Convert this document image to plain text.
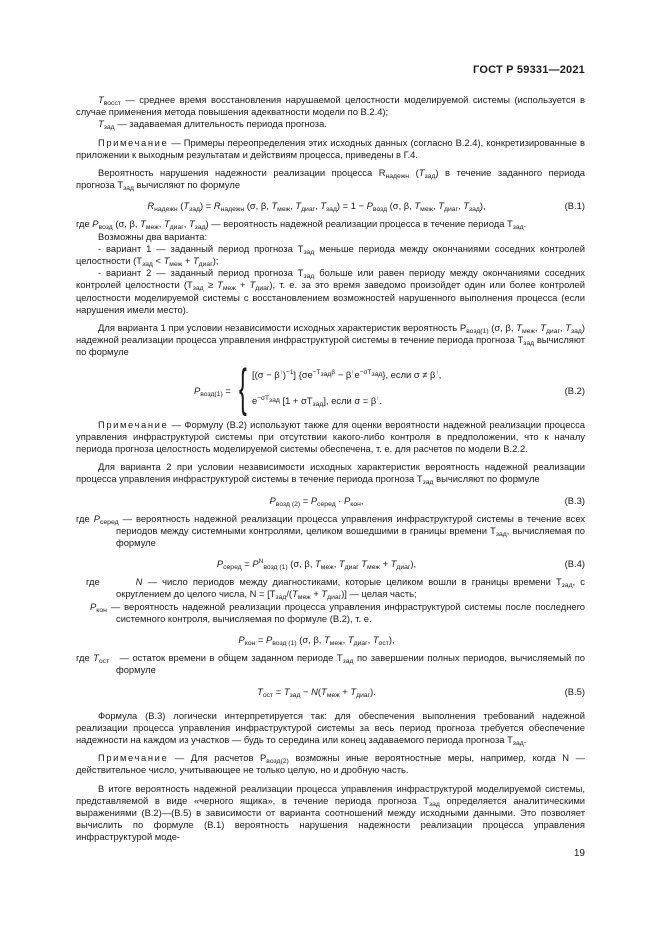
ГОСТ Р 59331—2021

$T_{восст}$ — среднее время восстановления нарушаемой целостности моделируемой системы (используется в случае применения метода повышения адекватности модели по В.2.4);

$T_{зад}$ — задаваемая длительность периода прогноза.

Примечание — Примеры переопределения этих исходных данных (согласно В.2.4), конкретизированные в приложении к выходным результатам и действиям процесса, приведены в Г.4.

Вероятность нарушения надежности реализации процесса $R_{надежн}$ $(T_{зад})$ в течение заданного периода прогноза $T_{зад}$ вычисляют по формуле

$R_{надежн}$ $(T_{зад}) = R_{надежн}$ (σ, β, $T_{меж}$, $T_{диаг}$, $T_{зад}) = 1 - P_{возд}$ (σ, β, $T_{меж}$, $T_{диаг}$, $T_{зад}$),	(В.1)

где $P_{возд}$ (σ, β, $T_{меж}$, $T_{диаг}$, $T_{зад}$) — вероятность надежной реализации процесса в течение периода $T_{зад}$.

Возможны два варианта:

- вариант 1 — заданный период прогноза $T_{зад}$ меньше периода между окончаниями соседних контролей целостности $(T_{зад} < T_{меж} + T_{диаг})$;

- вариант 2 — заданный период прогноза $T_{зад}$ больше или равен периоду между окончаниями соседних контролей целостности $(T_{зад} \ge T_{меж} + T_{диаг})$, т. е. за это время заведомо произойдет один или более контролей целостности моделируемой системы с восстановлением возможностей нарушенного выполнения процесса (если нарушения имели место).

Для варианта 1 при условии независимости исходных характеристик вероятность $P_{возд(1)}$ (σ, β, $T_{меж}$, $T_{диаг}$, $T_{зад}$) надежной реализации процесса управления инфраструктурой системы в течение периода прогноза $T_{зад}$ вычисляют по формуле

$P_{возд(1)}$ = { $[(\sigma - \beta^↑)^{-1}]$ $\{\sigma e^{-T_{зад}\beta} - \beta^↑e^{-\sigma T_{зад}}\}$, если σ ≠ β↑,
$e^{-\sigma T_{зад}}$ $[1 + \sigma T_{зад}]$, если σ = β↑.
(В.2)

Примечание — Формулу (В.2) используют также для оценки вероятности надежной реализации процесса управления инфраструктурой системы при отсутствии какого-либо контроля в предположении, что к началу периода прогноза целостность моделируемой системы обеспечена, т. е. для расчетов по модели В.2.2.

Для варианта 2 при условии независимости исходных характеристик вероятность надежной реализации процесса управления инфраструктурой системы в течение периода прогноза $T_{зад}$ вычисляют по формуле

$P_{возд (2)} = P_{серед} \cdot P_{кон}$,	(В.3)

где $P_{серед}$ — вероятность надежной реализации процесса управления инфраструктурой системы в течение всех периодов между системными контролями, целиком вошедшими в границы времени $T_{зад}$, вычисляемая по формуле

$P_{серед} = P^N_{возд (1)}$ (σ, β, $T_{меж}$, $T_{диаг}$ $T_{меж} + T_{диаг}$),	(В.4)

где	N — число периодов между диагностиками, которые целиком вошли в границы времени $T_{зад}$, с округлением до целого числа, $N = [T_{зад}/(T_{меж} + T_{диаг})]$ — целая часть;

$P_{кон}$ — вероятность надежной реализации процесса управления инфраструктурой системы после последнего системного контроля, вычисляемая по формуле (В.2), т. е.

$P_{кон} = P_{возд (1)}$ (σ, β, $T_{меж}$, $T_{диаг}$, $T_{ост}$),

где $T_{ост}$ — остаток времени в общем заданном периоде $T_{зад}$ по завершении полных периодов, вычисляемый по формуле

$T_{ост} = T_{зад} - N(T_{меж} + T_{диаг})$.	(В.5)

Формула (В.3) логически интерпретируется так: для обеспечения выполнения требований надежной реализации процесса управления инфраструктурой системы за весь период прогноза требуется обеспечение надежности на каждом из участков — будь то середина или конец задаваемого периода прогноза $T_{зад}$.

Примечание — Для расчетов $P_{возд(2)}$ возможны иные вероятностные меры, например, когда N — действительное число, учитывающее не только целую, но и дробную часть.

В итоге вероятность надежной реализации процесса управления инфраструктурой моделируемой системы, представляемой в виде «черного ящика», в течение периода прогноза $T_{зад}$ определяется аналитическими выражениями (В.2)—(В.5) в зависимости от варианта соотношений между исходными данными. Это позволяет вычислить по формуле (В.1) вероятность нарушения надежности реализации процесса управления инфраструктурой моде-

19
